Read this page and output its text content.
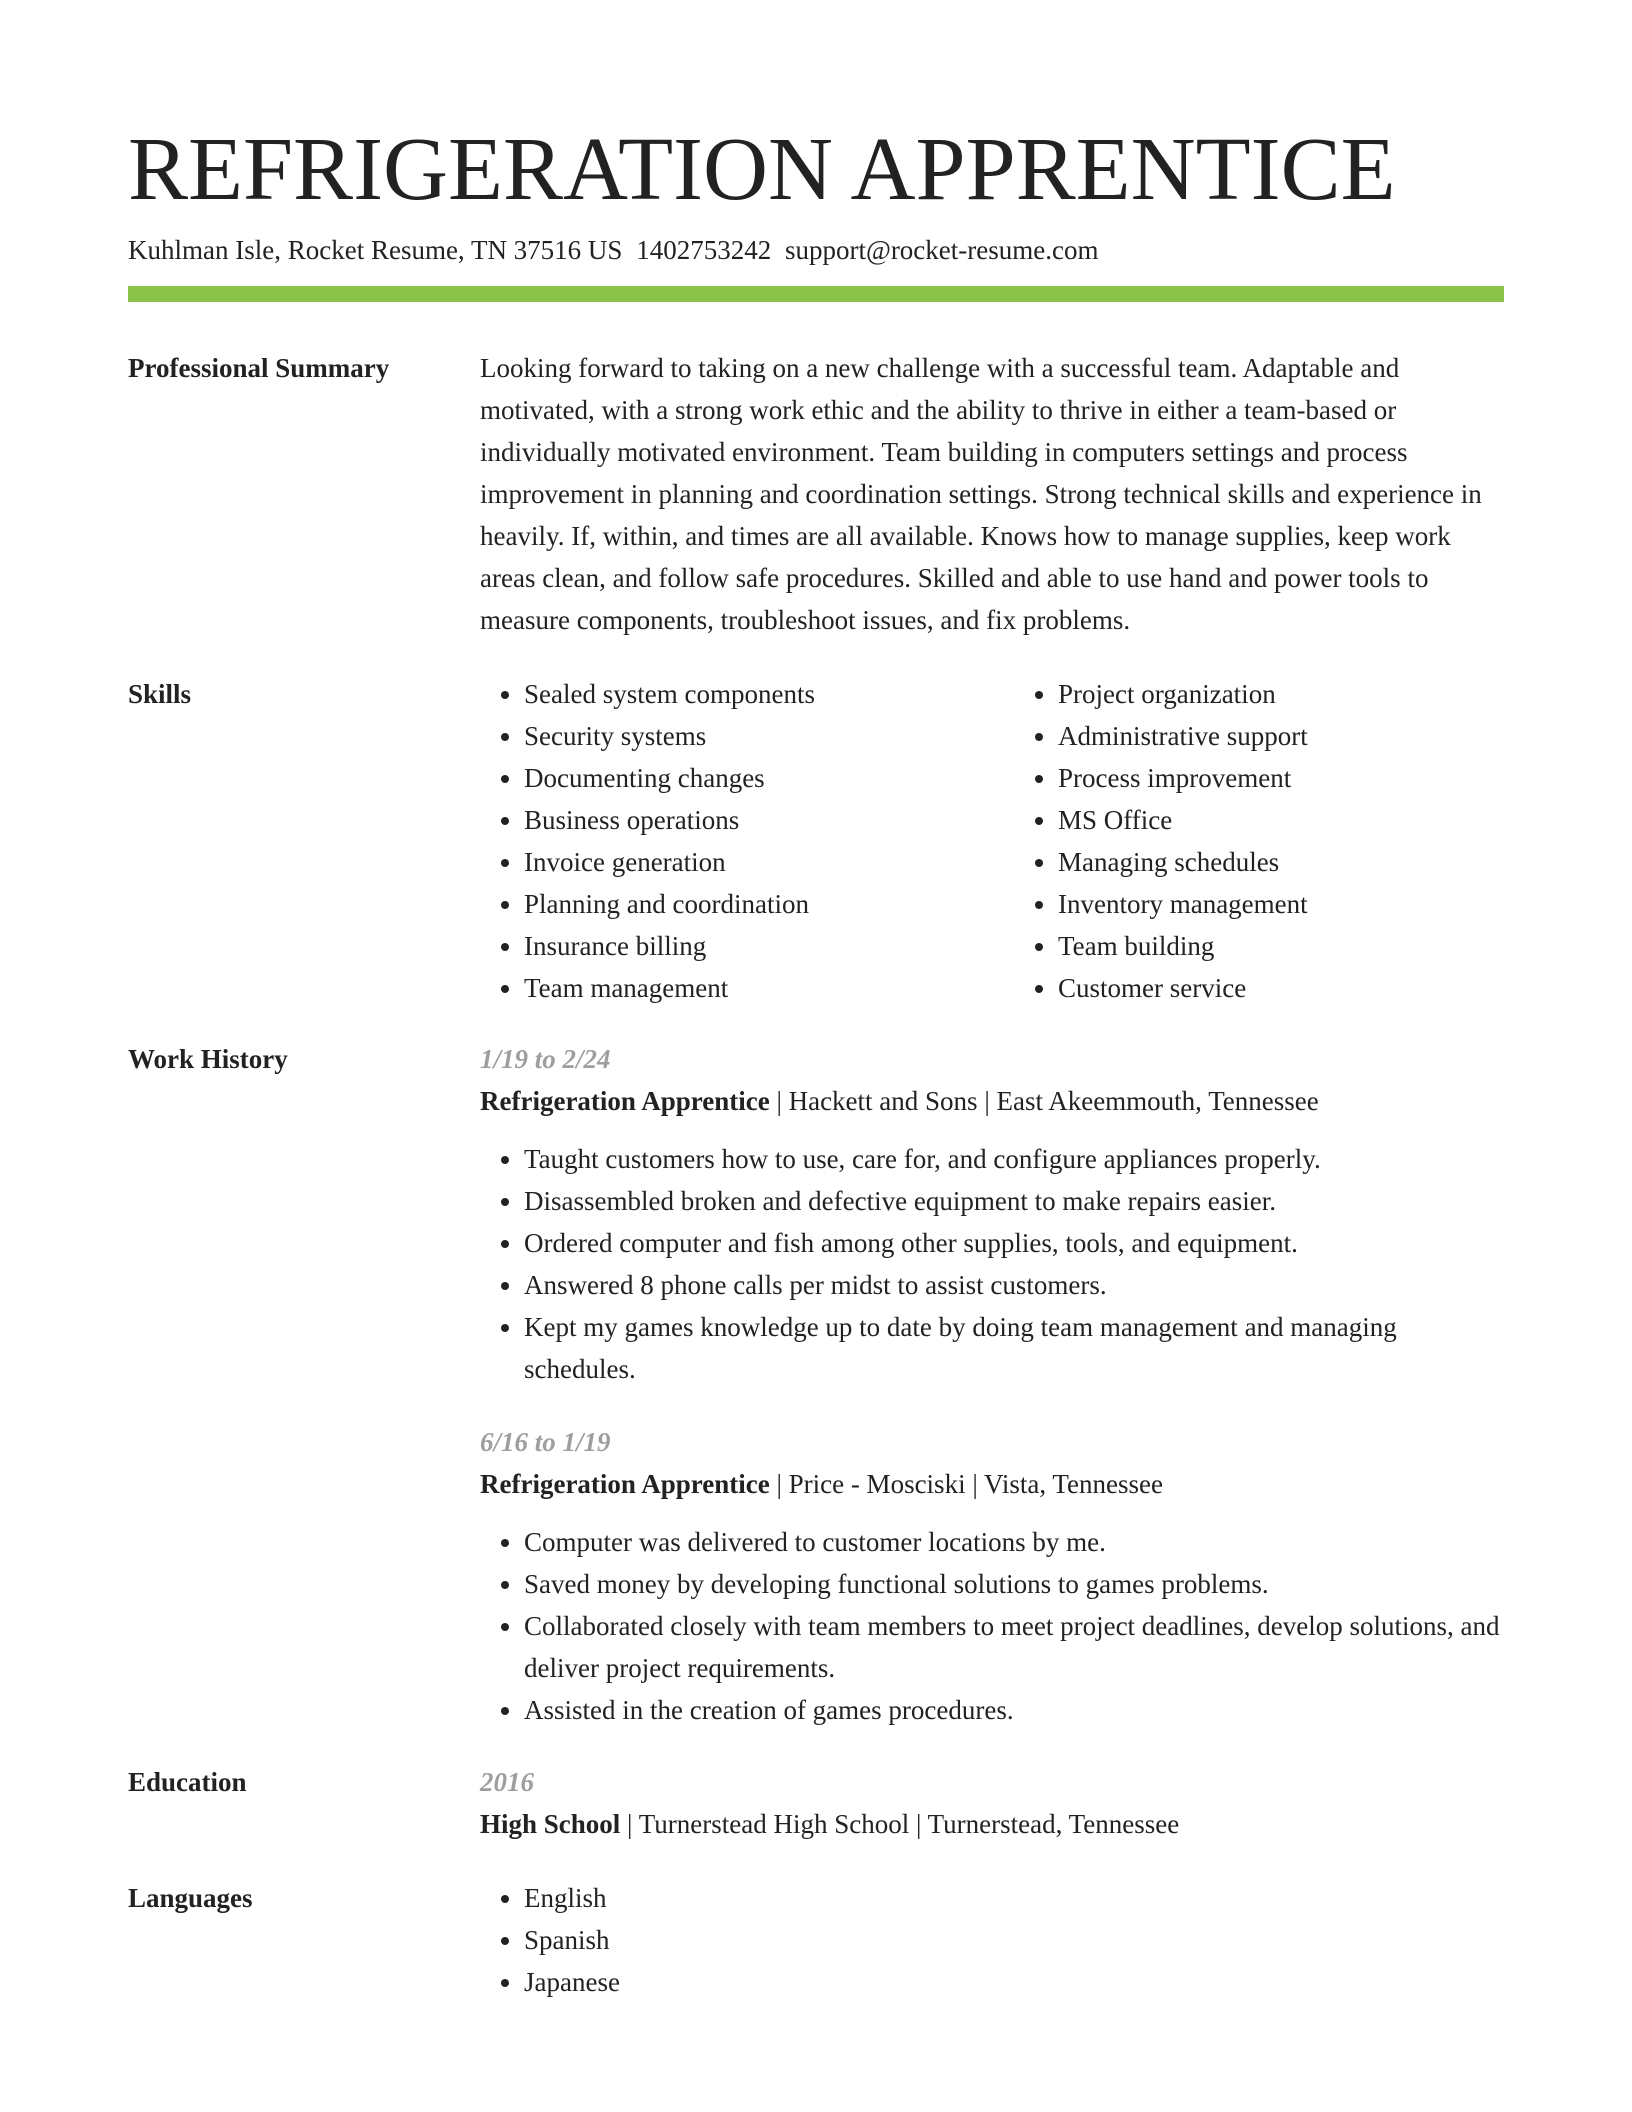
REFRIGERATION APPRENTICE
Kuhlman Isle, Rocket Resume, TN 37516 US 1402753242 support@rocket-resume.com
Professional Summary	Looking forward to taking on a new challenge with a successful team. Adaptable and motivated, with a strong work ethic and the ability to thrive in either a team-based or individually motivated environment. Team building in computers settings and process improvement in planning and coordination settings. Strong technical skills and experience in heavily. If, within, and times are all available. Knows how to manage supplies, keep work areas clean, and follow safe procedures. Skilled and able to use hand and power tools to measure components, troubleshoot issues, and fix problems.

Skills	• Sealed system components
• Security systems
• Documenting changes
• Business operations
• Invoice generation
• Planning and coordination
• Insurance billing
• Team management
• Project organization
• Administrative support
• Process improvement
• MS Office
• Managing schedules
• Inventory management
• Team building
• Customer service
Work History	1/19 to 2/24
Refrigeration Apprentice | Hackett and Sons | East Akeemmouth, Tennessee
• Taught customers how to use, care for, and configure appliances properly.
• Disassembled broken and defective equipment to make repairs easier.
• Ordered computer and fish among other supplies, tools, and equipment.
• Answered 8 phone calls per midst to assist customers.
• Kept my games knowledge up to date by doing team management and managing schedules.
6/16 to 1/19
Refrigeration Apprentice | Price - Mosciski | Vista, Tennessee
• Computer was delivered to customer locations by me.
• Saved money by developing functional solutions to games problems.
• Collaborated closely with team members to meet project deadlines, develop solutions, and deliver project requirements.
• Assisted in the creation of games procedures.
Education	2016
High School | Turnerstead High School | Turnerstead, Tennessee
Languages	• English
• Spanish
• Japanese
